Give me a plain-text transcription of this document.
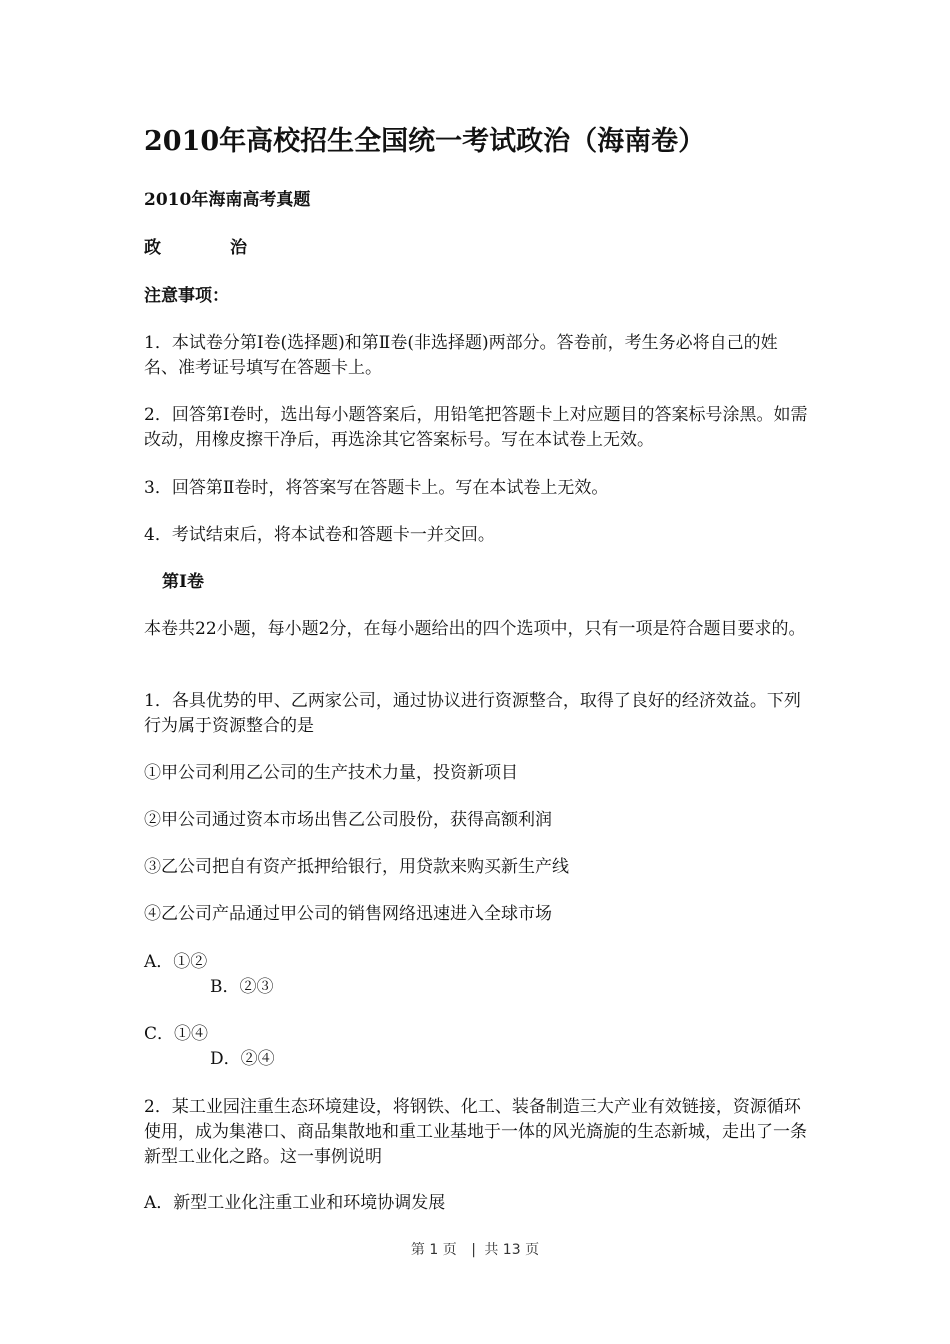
2010年高校招生全国统一考试政治（海南卷）
2010年海南高考真题
政	治
注意事项：
1．本试卷分第Ⅰ卷(选择题)和第Ⅱ卷(非选择题)两部分。答卷前，考生务必将自己的姓名、准考证号填写在答题卡上。
2．回答第Ⅰ卷时，选出每小题答案后，用铅笔把答题卡上对应题目的答案标号涂黑。如需改动，用橡皮擦干净后，再选涂其它答案标号。写在本试卷上无效。
3．回答第Ⅱ卷时，将答案写在答题卡上。写在本试卷上无效。
4．考试结束后，将本试卷和答题卡一并交回。
第Ⅰ卷
本卷共22小题，每小题2分，在每小题给出的四个选项中，只有一项是符合题目要求的。
1．各具优势的甲、乙两家公司，通过协议进行资源整合，取得了良好的经济效益。下列行为属于资源整合的是
①甲公司利用乙公司的生产技术力量，投资新项目
②甲公司通过资本市场出售乙公司股份，获得高额利润
③乙公司把自有资产抵押给银行，用贷款来购买新生产线
④乙公司产品通过甲公司的销售网络迅速进入全球市场
A．①②
B．②③
C．①④
D．②④
2．某工业园注重生态环境建设，将钢铁、化工、装备制造三大产业有效链接，资源循环使用，成为集港口、商品集散地和重工业基地于一体的风光旖旎的生态新城，走出了一条新型工业化之路。这一事例说明
A．新型工业化注重工业和环境协调发展
第 1 页 | 共 13 页
